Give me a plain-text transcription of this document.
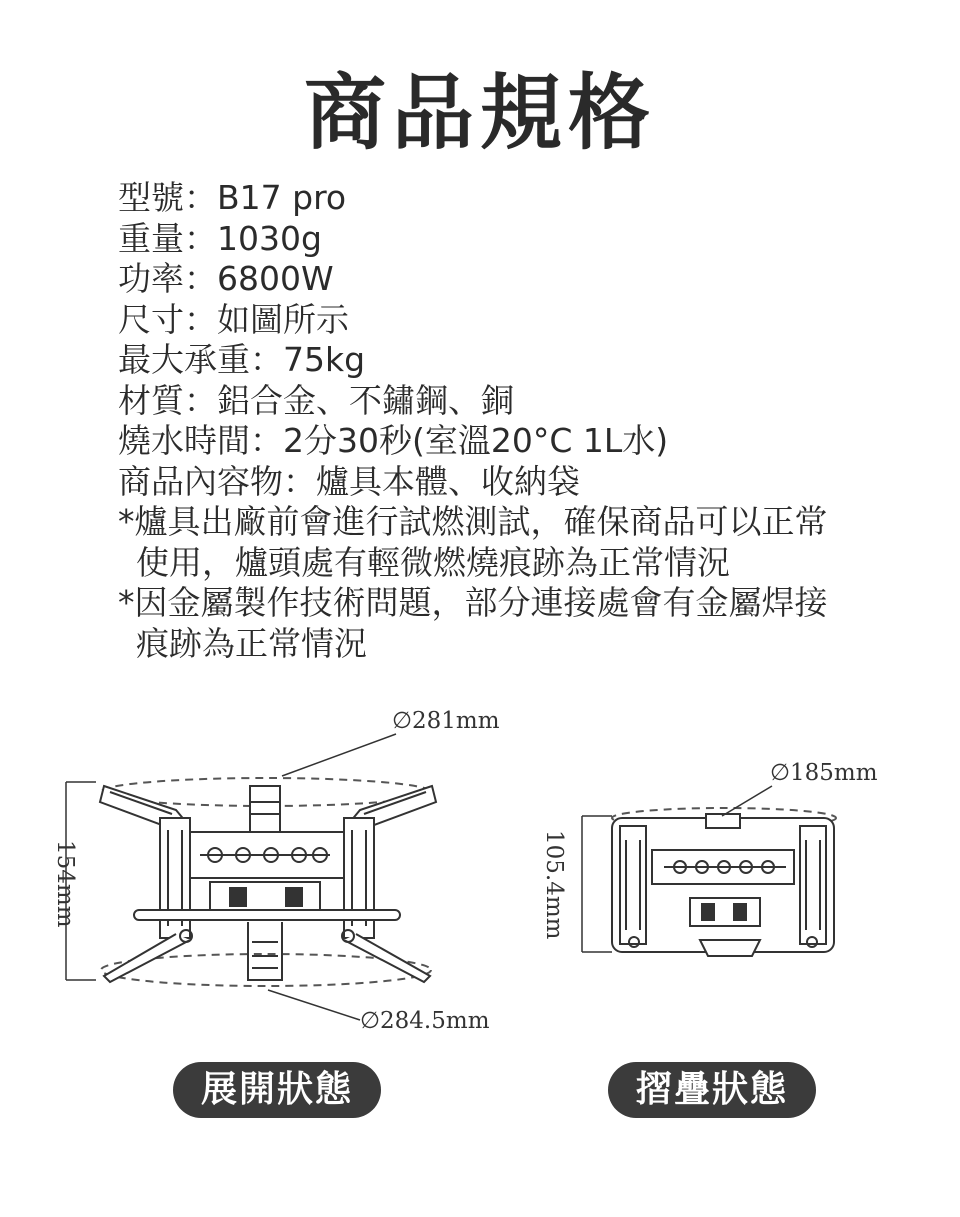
商品規格
型號：B17 pro
重量：1030g
功率：6800W
尺寸：如圖所示
最大承重：75kg
材質：鋁合金、不鏽鋼、銅
燒水時間：2分30秒(室溫20°C 1L水)
商品內容物：爐具本體、收納袋
*爐具出廠前會進行試燃測試，確保商品可以正常
使用，爐頭處有輕微燃燒痕跡為正常情況
*因金屬製作技術問題，部分連接處會有金屬焊接
痕跡為正常情況
∅281mm
∅284.5mm
154mm
∅185mm
105.4mm
展開狀態	摺疊狀態
